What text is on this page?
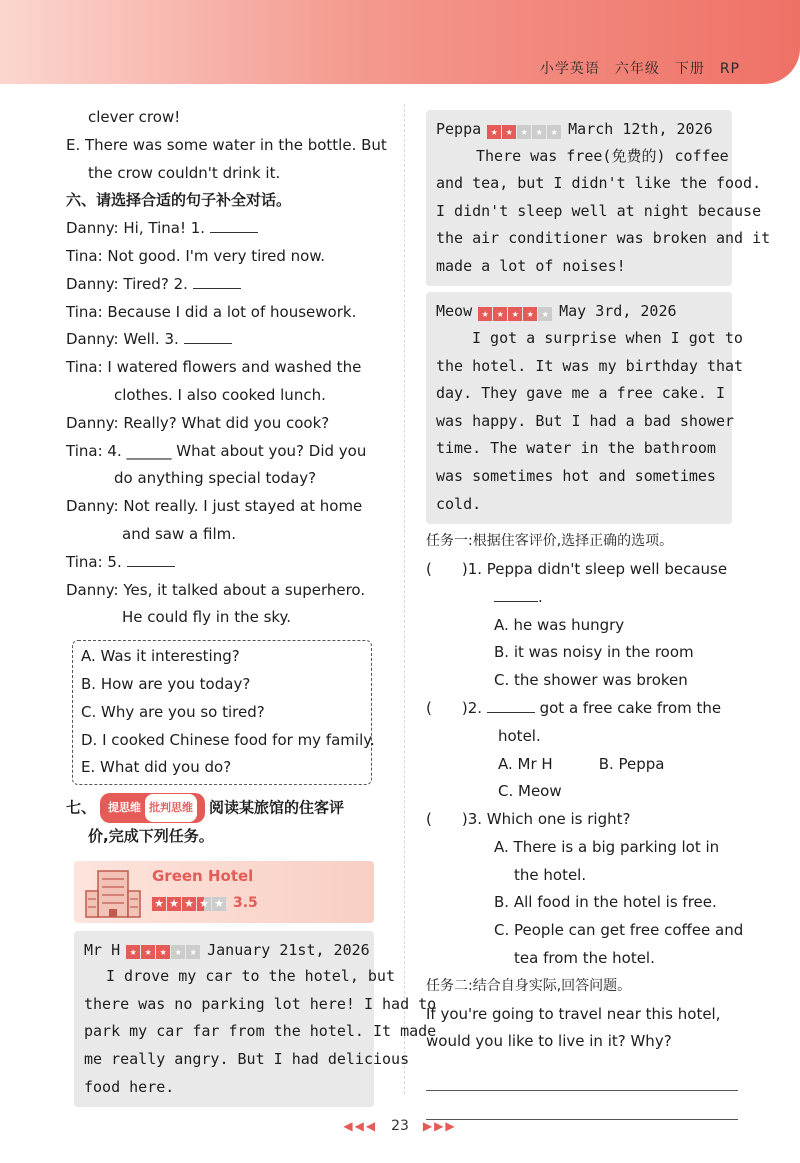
小学英语　六年级　下册　RP
clever crow!
E. There was some water in the bottle. But
the crow couldn't drink it.
六、请选择合适的句子补全对话。
Danny: Hi, Tina! 1.
Tina: Not good. I'm very tired now.
Danny: Tired? 2.
Tina: Because I did a lot of housework.
Danny: Well. 3.
Tina: I watered flowers and washed the
clothes. I also cooked lunch.
Danny: Really? What did you cook?
Tina: 4. ______ What about you? Did you
do anything special today?
Danny: Not really. I just stayed at home
and saw a film.
Tina: 5.
Danny: Yes, it talked about a superhero.
He could fly in the sky.
A. Was it interesting?
B. How are you today?
C. Why are you so tired?
D. I cooked Chinese food for my family.
E. What did you do?
七、 提思维 批判思维 阅读某旅馆的住客评
价,完成下列任务。
Green Hotel
★ ★ ★ ★ ★ 3.5
Mr H ★ ★ ★ ★ ★ January 21st, 2026
I drove my car to the hotel, but
there was no parking lot here! I had to
park my car far from the hotel. It made
me really angry. But I had delicious
food here.
Peppa ★ ★ ★ ★ ★ March 12th, 2026
There was free(免费的) coffee
and tea, but I didn't like the food.
I didn't sleep well at night because
the air conditioner was broken and it
made a lot of noises!
Meow ★ ★ ★ ★ ★ May 3rd, 2026
I got a surprise when I got to
the hotel. It was my birthday that
day. They gave me a free cake. I
was happy. But I had a bad shower
time. The water in the bathroom
was sometimes hot and sometimes
cold.
任务一:根据住客评价,选择正确的选项。
(　　)1. Peppa didn't sleep well because
.
A. he was hungry
B. it was noisy in the room
C. the shower was broken
(　　)2.	got a free cake from the
hotel.
A. Mr H	B. Peppa
C. Meow
(　　)3. Which one is right?
A. There is a big parking lot in
the hotel.
B. All food in the hotel is free.
C. People can get free coffee and
tea from the hotel.
任务二:结合自身实际,回答问题。
If you're going to travel near this hotel,
would you like to live in it? Why?
◀◀◀ 23 ▶▶▶
